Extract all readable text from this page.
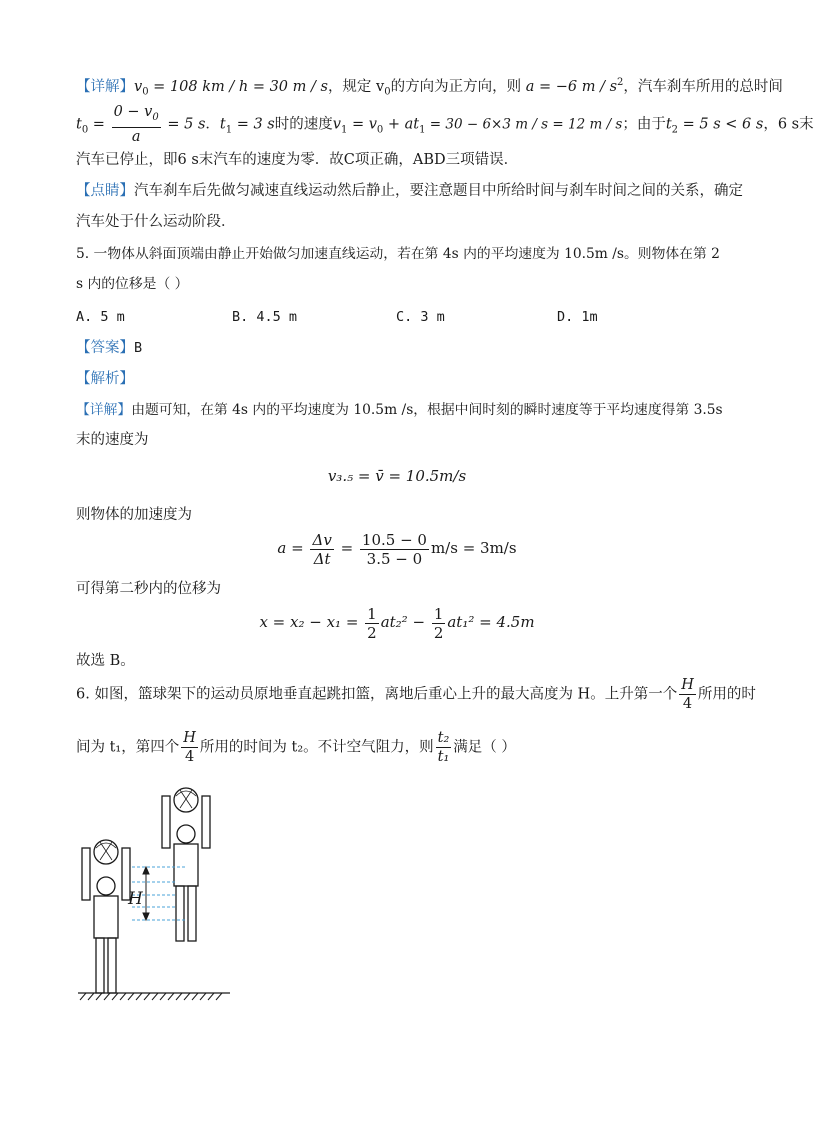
【详解】$v_0 = 108$ km / h = 30 m / s，规定 $v_0$的方向为正方向，则 a = −6 m / $s^2$，汽车刹车所用的总时间
$t_0 = \frac{0 - v_0}{a} = 5$ s．$t_1 = 3$ s时的速度$v_1 = v_0 + at_1 = 30 - 6\times 3$ m / s = 12 m / s；由于$t_2 = 5$ s < 6 s，6 s末
汽车已停止，即6 s末汽车的速度为零．故C项正确，ABD三项错误．
【点睛】汽车刹车后先做匀减速直线运动然后静止，要注意题目中所给时间与刹车时间之间的关系，确定
汽车处于什么运动阶段．
5. 一物体从斜面顶端由静止开始做匀加速直线运动，若在第 4s 内的平均速度为 10.5m /s。则物体在第 2
s 内的位移是（ ）
A. 5 m	B. 4.5 m	C. 3 m	D. 1m
【答案】B
【解析】
【详解】由题可知，在第 4s 内的平均速度为 10.5m /s，根据中间时刻的瞬时速度等于平均速度得第 3.5s
末的速度为
v₃.₅ = v̄ = 10.5m/s
则物体的加速度为
$a = \frac{\Delta v}{\Delta t} = \frac{10.5 - 0}{3.5 - 0} m/s = 3m/s$
可得第二秒内的位移为
$x = x_2 - x_1 = \frac{1}{2} at_2^2 - \frac{1}{2} at_1^2 = 4.5m$
故选 B。
6. 如图，篮球架下的运动员原地垂直起跳扣篮，离地后重心上升的最大高度为 H。上升第一个 $\frac{H}{4}$ 所用的时
间为 t₁，第四个 $\frac{H}{4}$ 所用的时间为 t₂。不计空气阻力，则 $\frac{\text{t₂}}{\text{t₁}}$ 满足（ ）
H
